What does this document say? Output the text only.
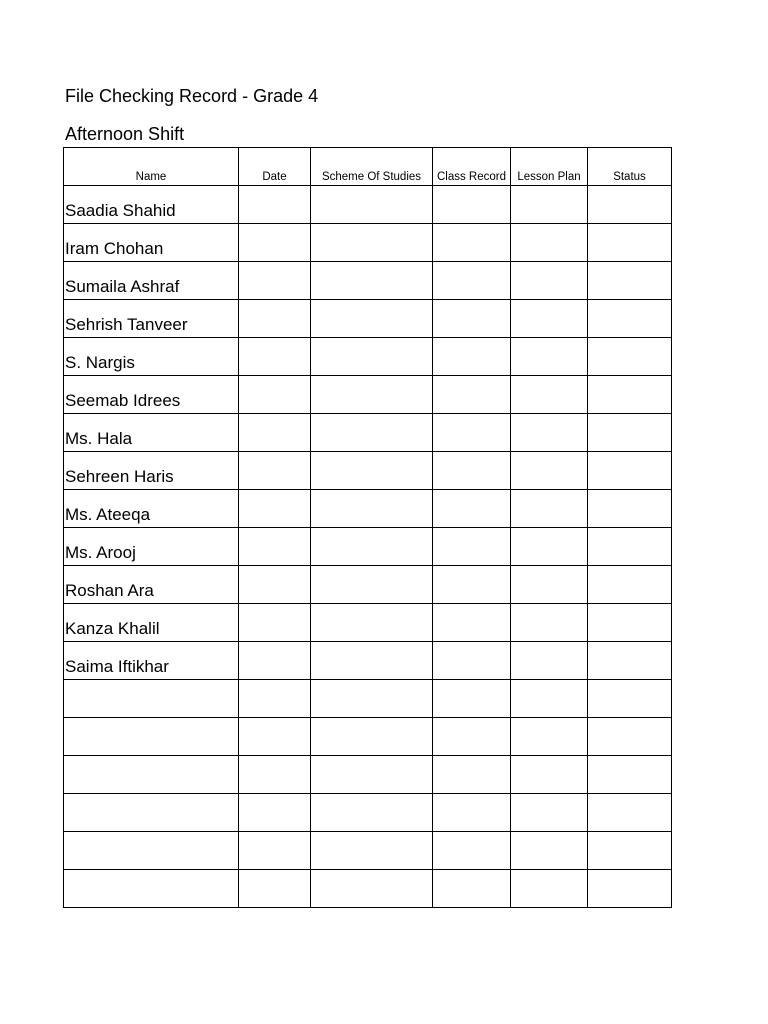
File Checking Record - Grade 4
Afternoon Shift
Name	Date	Scheme Of Studies	Class Record	Lesson Plan	Status
Saadia Shahid					
Iram Chohan					
Sumaila Ashraf					
Sehrish Tanveer					
S. Nargis					
Seemab Idrees					
Ms. Hala					
Sehreen Haris					
Ms. Ateeqa					
Ms. Arooj					
Roshan Ara					
Kanza Khalil					
Saima Iftikhar					
